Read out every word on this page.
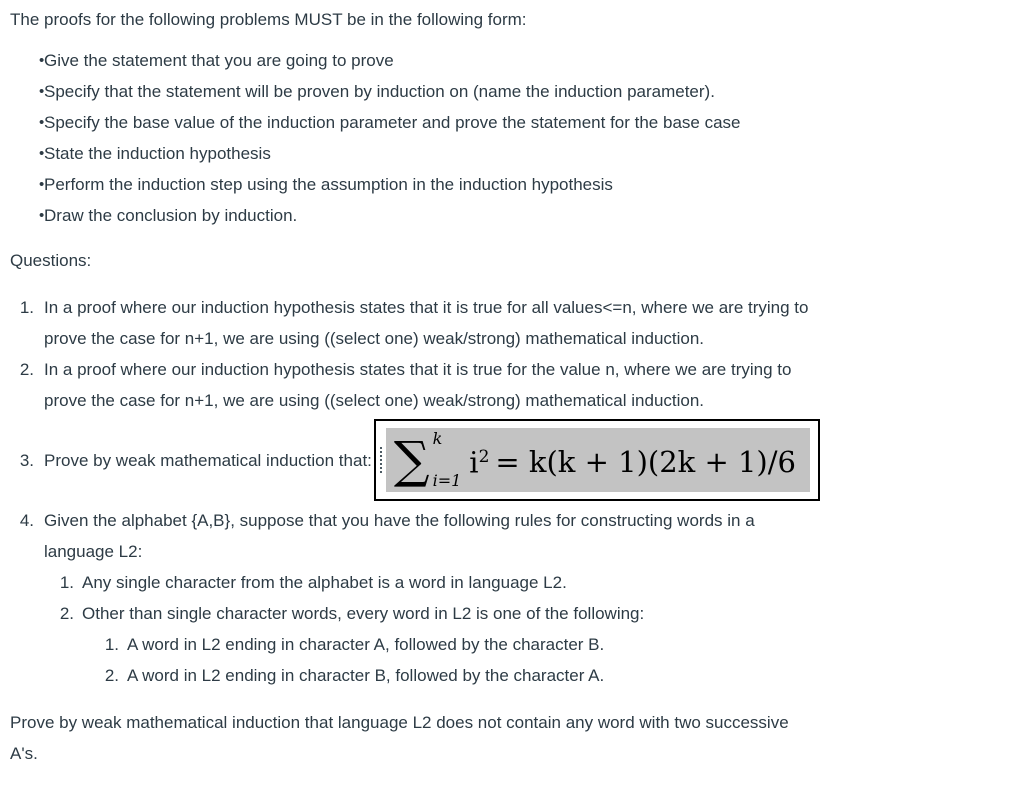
The proofs for the following problems MUST be in the following form:

• Give the statement that you are going to prove
• Specify that the statement will be proven by induction on (name the induction parameter).
• Specify the base value of the induction parameter and prove the statement for the base case
• State the induction hypothesis
• Perform the induction step using the assumption in the induction hypothesis
• Draw the conclusion by induction.

Questions:

1. In a proof where our induction hypothesis states that it is true for all values<=n, where we are trying to
prove the case for n+1, we are using ((select one) weak/strong) mathematical induction.
2. In a proof where our induction hypothesis states that it is true for the value n, where we are trying to
prove the case for n+1, we are using ((select one) weak/strong) mathematical induction.
3. Prove by weak mathematical induction that: ∑ k
i=1
$i^2 = k(k + 1)(2k + 1)/6$
4. Given the alphabet {A,B}, suppose that you have the following rules for constructing words in a
language L2:
1. Any single character from the alphabet is a word in language L2.
2. Other than single character words, every word in L2 is one of the following:
1. A word in L2 ending in character A, followed by the character B.
2. A word in L2 ending in character B, followed by the character A.

Prove by weak mathematical induction that language L2 does not contain any word with two successive
A's.
